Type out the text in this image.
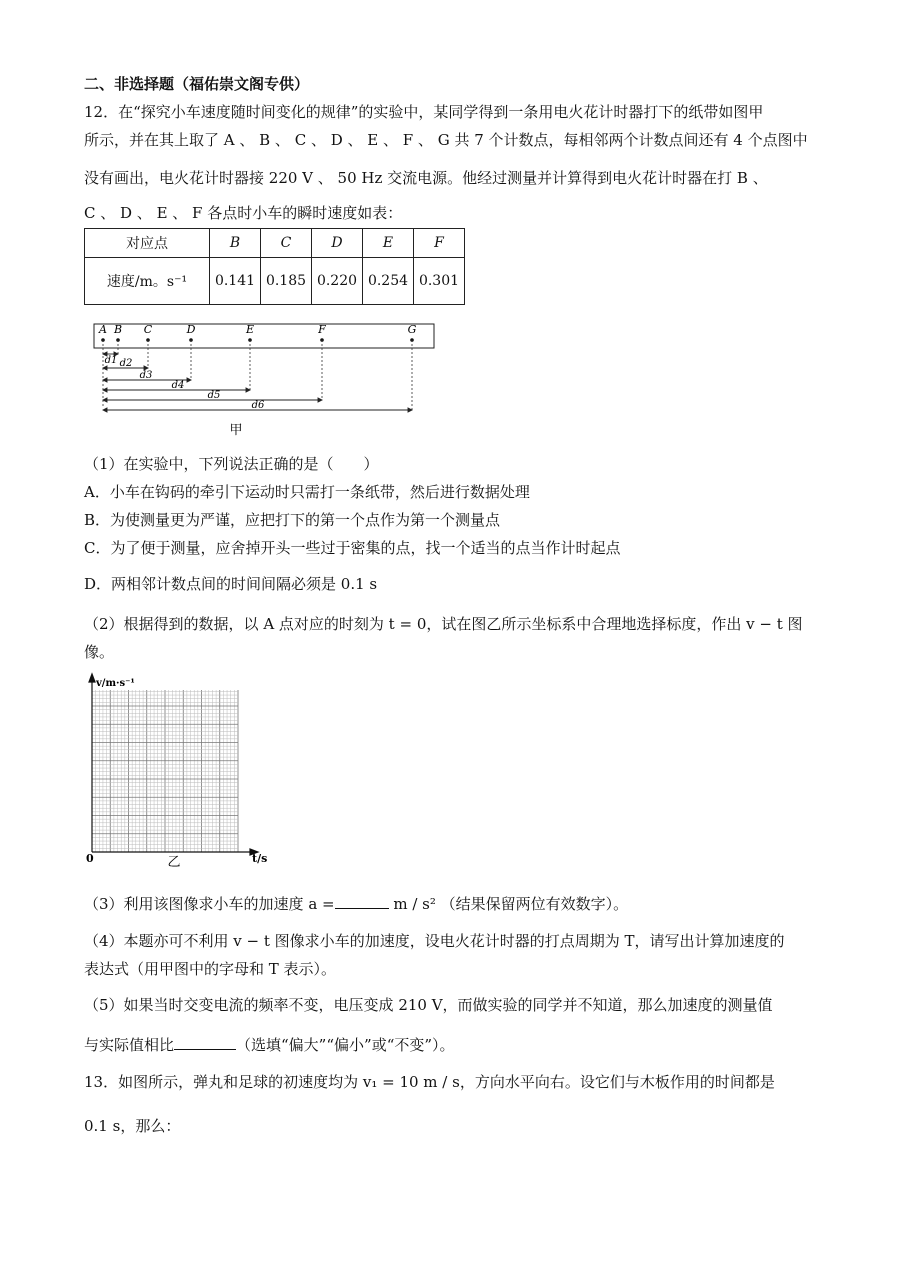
二、非选择题（福佑崇文阁专供）
12．在“探究小车速度随时间变化的规律”的实验中，某同学得到一条用电火花计时器打下的纸带如图甲
所示，并在其上取了 A 、 B 、 C 、 D 、 E 、 F 、 G 共 7 个计数点，每相邻两个计数点间还有 4 个点图中
没有画出，电火花计时器接 220 V 、 50 Hz 交流电源。他经过测量并计算得到电火花计时器在打 B 、
C 、 D 、 E 、 F 各点时小车的瞬时速度如表：
对应点	B	C	D	E	F
速度/m。s⁻¹	0.141	0.185	0.220	0.254	0.301
A B C	D	E	F	G
d1 d2
d3
d4
d5
d6
甲
（1）在实验中，下列说法正确的是（　　）
A．小车在钩码的牵引下运动时只需打一条纸带，然后进行数据处理
B．为使测量更为严谨，应把打下的第一个点作为第一个测量点
C．为了便于测量，应舍掉开头一些过于密集的点，找一个适当的点当作计时起点
D．两相邻计数点间的时间间隔必须是 0.1 s
（2）根据得到的数据，以 A 点对应的时刻为 t = 0，试在图乙所示坐标系中合理地选择标度，作出 v − t 图
像。
v/m·s⁻¹
t/s
0	乙
（3）利用该图像求小车的加速度 a =	m / s² （结果保留两位有效数字）。
（4）本题亦可不利用 v − t 图像求小车的加速度，设电火花计时器的打点周期为 T，请写出计算加速度的
表达式（用甲图中的字母和 T 表示）。
（5）如果当时交变电流的频率不变，电压变成 210 V，而做实验的同学并不知道，那么加速度的测量值
与实际值相比	（选填“偏大”“偏小”或“不变”）。
13．如图所示，弹丸和足球的初速度均为 v₁ = 10 m / s，方向水平向右。设它们与木板作用的时间都是
0.1 s，那么：
